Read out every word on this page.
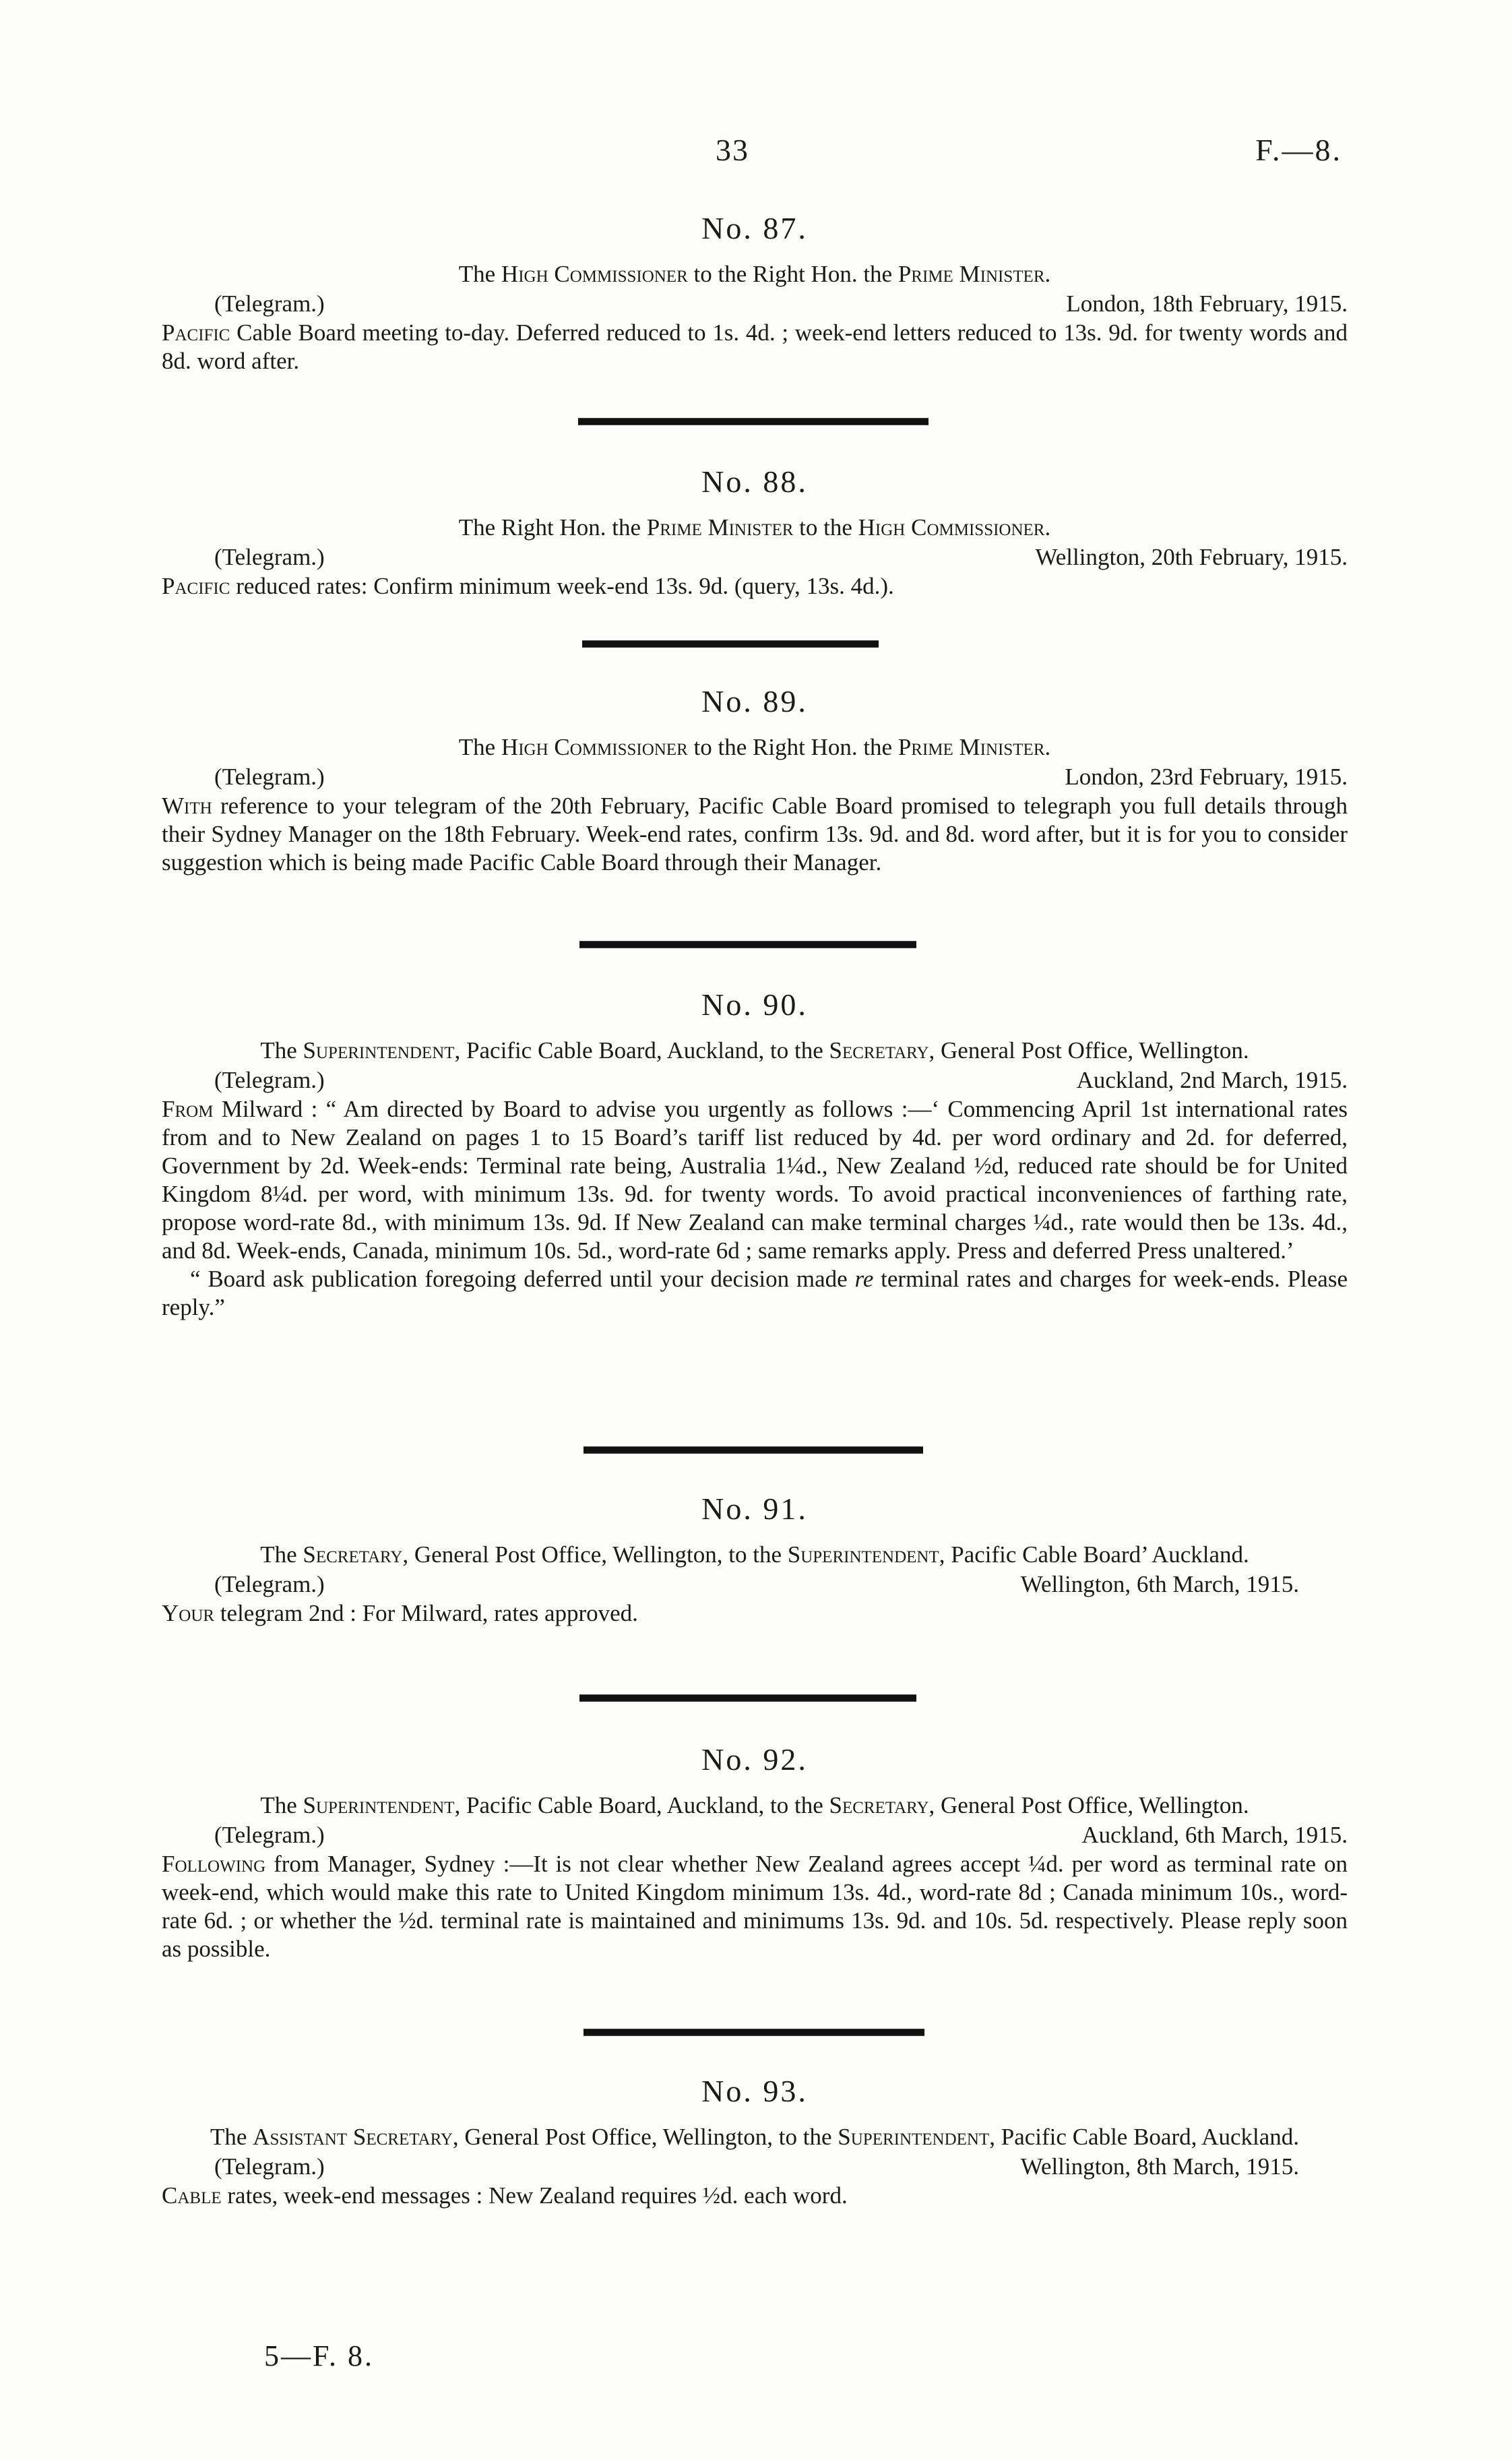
33	F.—8.
No. 87.

The High Commissioner to the Right Hon. the Prime Minister.

(Telegram.)	London, 18th February, 1915.

Pacific Cable Board meeting to-day. Deferred reduced to 1s. 4d. ; week-end letters reduced to 13s. 9d. for twenty words and 8d. word after.

No. 88.

The Right Hon. the Prime Minister to the High Commissioner.

(Telegram.)	Wellington, 20th February, 1915.

Pacific reduced rates: Confirm minimum week-end 13s. 9d. (query, 13s. 4d.).

No. 89.

The High Commissioner to the Right Hon. the Prime Minister.

(Telegram.)	London, 23rd February, 1915.

With reference to your telegram of the 20th February, Pacific Cable Board promised to telegraph you full details through their Sydney Manager on the 18th February. Week-end rates, confirm 13s. 9d. and 8d. word after, but it is for you to consider suggestion which is being made Pacific Cable Board through their Manager.

No. 90.

The Superintendent, Pacific Cable Board, Auckland, to the Secretary, General Post Office, Wellington.

(Telegram.)	Auckland, 2nd March, 1915.

From Milward : “ Am directed by Board to advise you urgently as follows :—‘ Commencing April 1st international rates from and to New Zealand on pages 1 to 15 Board’s tariff list reduced by 4d. per word ordinary and 2d. for deferred, Government by 2d. Week-ends: Terminal rate being, Australia 1¼d., New Zealand ½d, reduced rate should be for United Kingdom 8¼d. per word, with minimum 13s. 9d. for twenty words. To avoid practical inconveniences of farthing rate, propose word-rate 8d., with minimum 13s. 9d. If New Zealand can make terminal charges ¼d., rate would then be 13s. 4d., and 8d. Week-ends, Canada, minimum 10s. 5d., word-rate 6d ; same remarks apply. Press and deferred Press unaltered.’

“ Board ask publication foregoing deferred until your decision made re terminal rates and charges for week-ends. Please reply.”

No. 91.

The Secretary, General Post Office, Wellington, to the Superintendent, Pacific Cable Board’ Auckland.

(Telegram.)	Wellington, 6th March, 1915.

Your telegram 2nd : For Milward, rates approved.

No. 92.

The Superintendent, Pacific Cable Board, Auckland, to the Secretary, General Post Office, Wellington.

(Telegram.)	Auckland, 6th March, 1915.

Following from Manager, Sydney :—It is not clear whether New Zealand agrees accept ¼d. per word as terminal rate on week-end, which would make this rate to United Kingdom minimum 13s. 4d., word-rate 8d ; Canada minimum 10s., word-rate 6d. ; or whether the ½d. terminal rate is maintained and minimums 13s. 9d. and 10s. 5d. respectively. Please reply soon as possible.

No. 93.

The Assistant Secretary, General Post Office, Wellington, to the Superintendent, Pacific Cable Board, Auckland.

(Telegram.)	Wellington, 8th March, 1915.

Cable rates, week-end messages : New Zealand requires ½d. each word.

5—F. 8.
